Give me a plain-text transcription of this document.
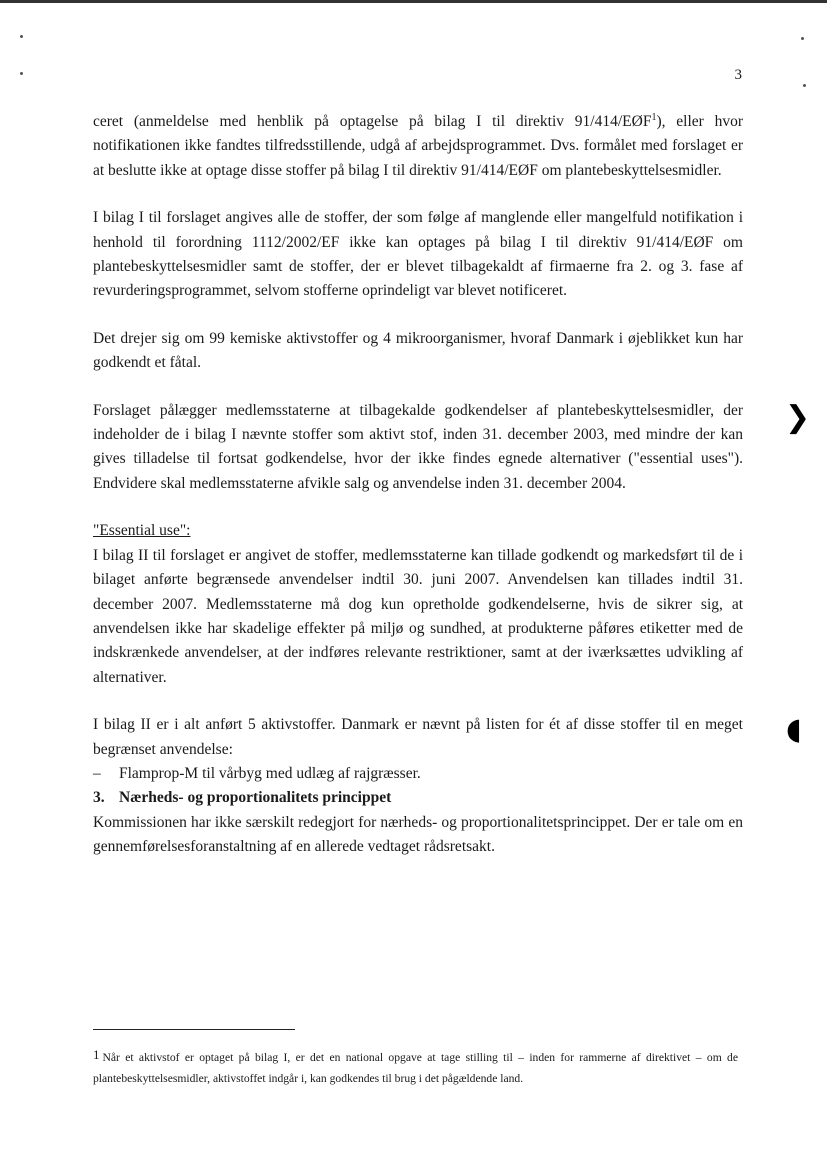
❯
◖
3

ceret (anmeldelse med henblik på optagelse på bilag I til direktiv 91/414/EØF$^1$), eller hvor notifikationen ikke fandtes tilfredsstillende, udgå af arbejdsprogrammet. Dvs. formålet med forslaget er at beslutte ikke at optage disse stoffer på bilag I til direktiv 91/414/EØF om plantebeskyttelsesmidler.

I bilag I til forslaget angives alle de stoffer, der som følge af manglende eller mangelfuld notifikation i henhold til forordning 1112/2002/EF ikke kan optages på bilag I til direktiv 91/414/EØF om plantebeskyttelsesmidler samt de stoffer, der er blevet tilbagekaldt af firmaerne fra 2. og 3. fase af revurderingsprogrammet, selvom stofferne oprindeligt var blevet notificeret.

Det drejer sig om 99 kemiske aktivstoffer og 4 mikroorganismer, hvoraf Danmark i øjeblikket kun har godkendt et fåtal.

Forslaget pålægger medlemsstaterne at tilbagekalde godkendelser af plantebeskyttelsesmidler, der indeholder de i bilag I nævnte stoffer som aktivt stof, inden 31. december 2003, med mindre der kan gives tilladelse til fortsat godkendelse, hvor der ikke findes egnede alternativer ("essential uses"). Endvidere skal medlemsstaterne afvikle salg og anvendelse inden 31. december 2004.

"Essential use":

I bilag II til forslaget er angivet de stoffer, medlemsstaterne kan tillade godkendt og markedsført til de i bilaget anførte begrænsede anvendelser indtil 30. juni 2007. Anvendelsen kan tillades indtil 31. december 2007. Medlemsstaterne må dog kun opretholde godkendelserne, hvis de sikrer sig, at anvendelsen ikke har skadelige effekter på miljø og sundhed, at produkterne påføres etiketter med de indskrænkede anvendelser, at der indføres relevante restriktioner, samt at der iværksættes udvikling af alternativer.

I bilag II er i alt anført 5 aktivstoffer. Danmark er nævnt på listen for ét af disse stoffer til en meget begrænset anvendelse:

–	Flamprop-M til vårbyg med udlæg af rajgræsser.

3. Nærheds- og proportionalitets princippet

Kommissionen har ikke særskilt redegjort for nærheds- og proportionalitetsprincippet. Der er tale om en gennemførelsesforanstaltning af en allerede vedtaget rådsretsakt.

1 Når et aktivstof er optaget på bilag I, er det en national opgave at tage stilling til – inden for rammerne af direktivet – om de plantebeskyttelsesmidler, aktivstoffet indgår i, kan godkendes til brug i det pågældende land.
